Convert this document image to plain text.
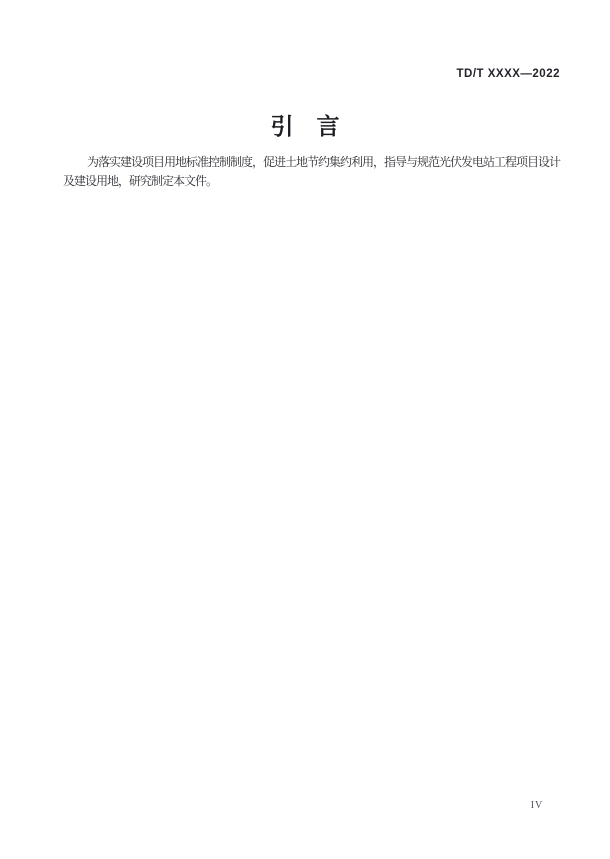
TD/T XXXX—2022
引　言
为落实建设项目用地标准控制制度，促进土地节约集约利用，指导与规范光伏发电站工程项目设计
及建设用地，研究制定本文件。
IV
